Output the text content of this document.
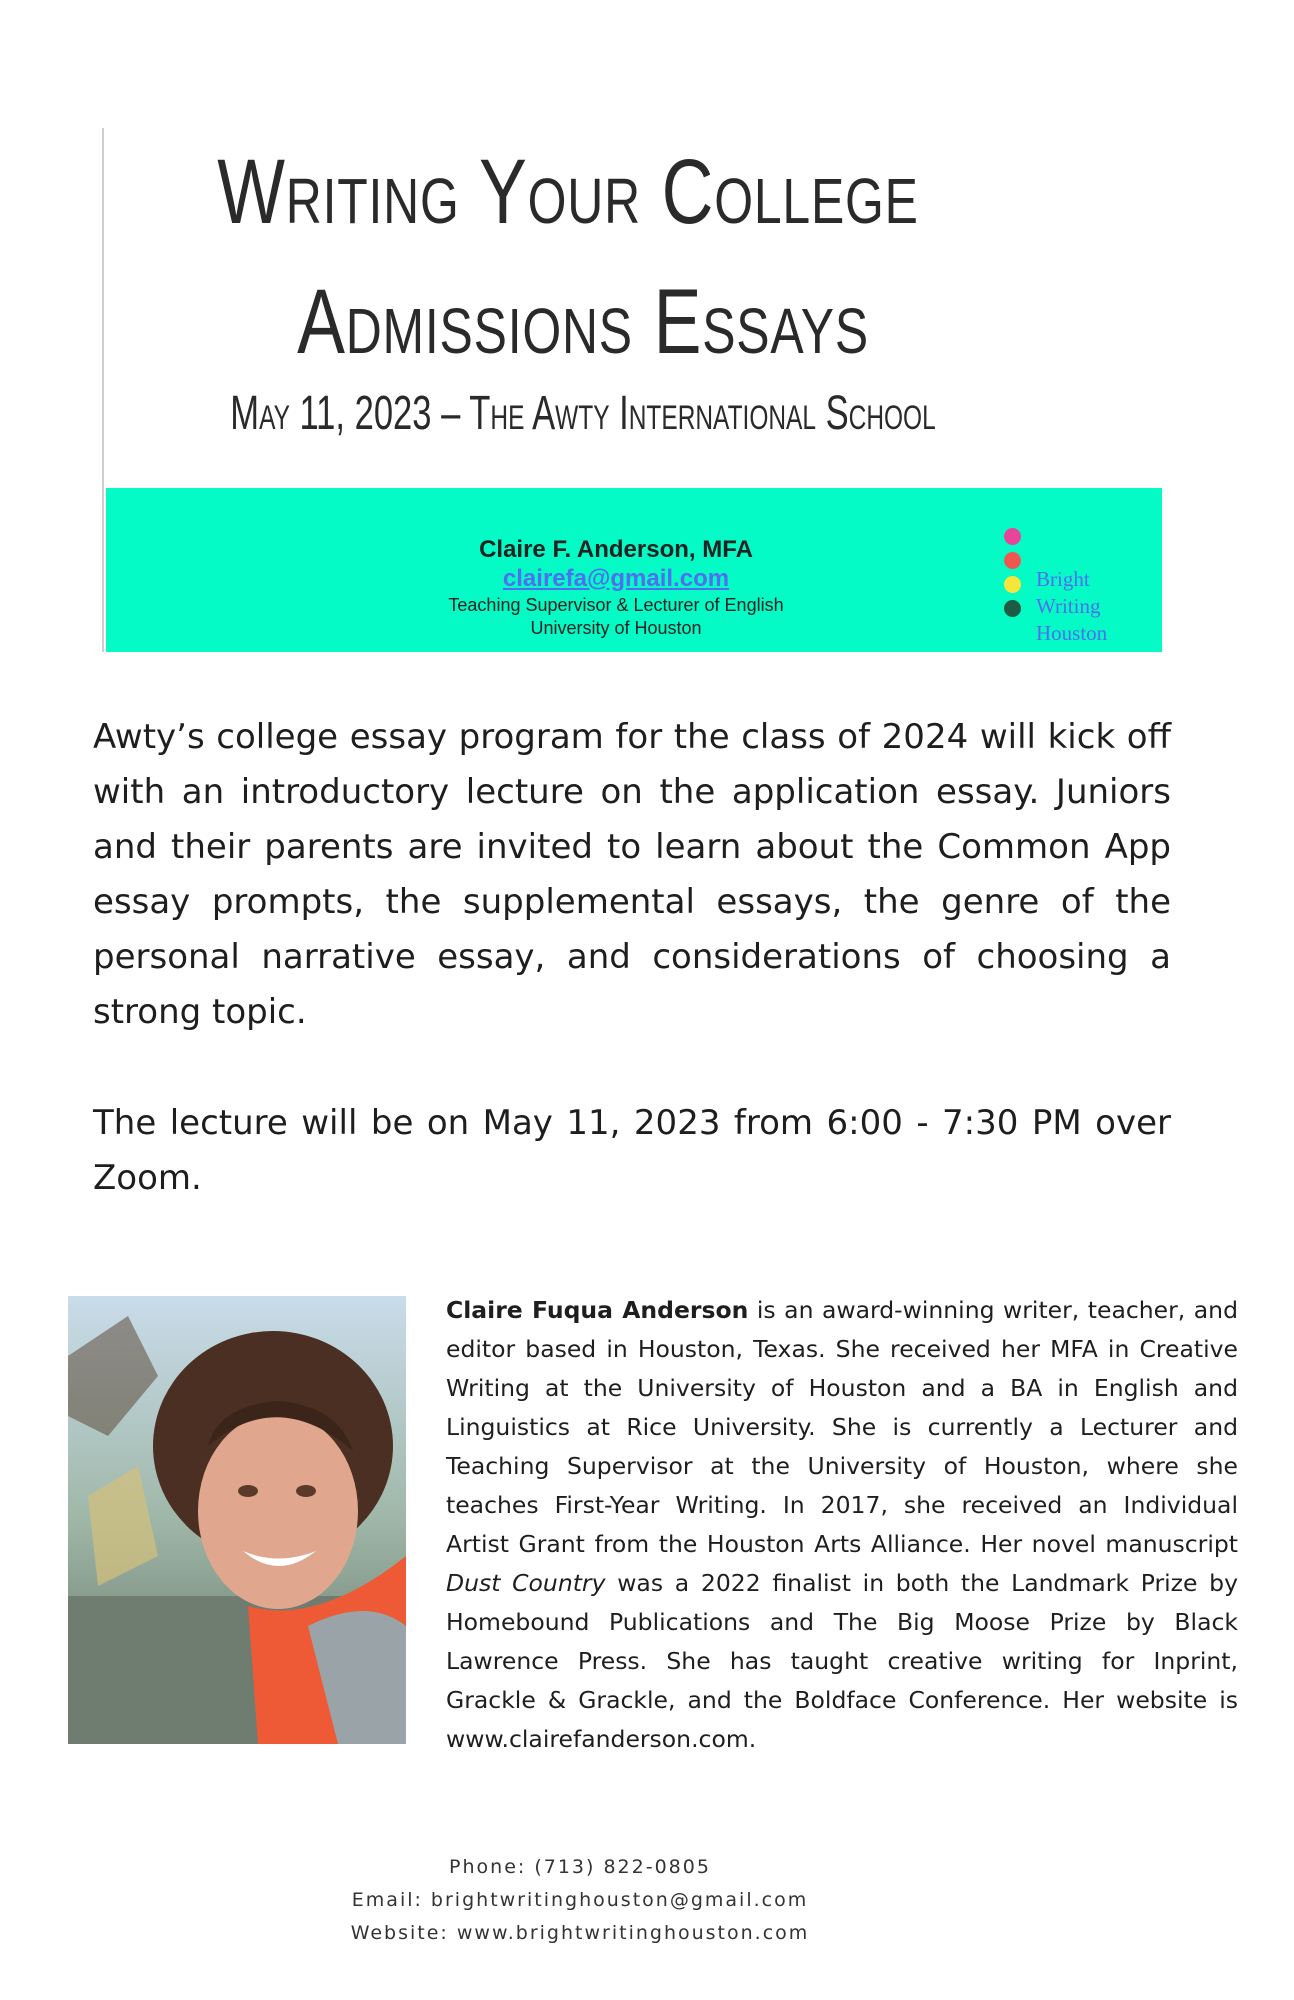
Writing Your College
Admissions Essays
May 11, 2023 – The Awty International School
Claire F. Anderson, MFA
clairefa@gmail.com
Teaching Supervisor & Lecturer of English
University of Houston
Bright
Writing
Houston
Awty’s college essay program for the class of 2024 will kick off with an introductory lecture on the application essay. Juniors and their parents are invited to learn about the Common App essay prompts, the supplemental essays, the genre of the personal narrative essay, and considerations of choosing a strong topic.
The lecture will be on May 11, 2023 from 6:00 - 7:30 PM over Zoom.
Claire Fuqua Anderson is an award-winning writer, teacher, and editor based in Houston, Texas. She received her MFA in Creative Writing at the University of Houston and a BA in English and Linguistics at Rice University. She is currently a Lecturer and Teaching Supervisor at the University of Houston, where she teaches First-Year Writing. In 2017, she received an Individual Artist Grant from the Houston Arts Alliance. Her novel manuscript Dust Country was a 2022 finalist in both the Landmark Prize by Homebound Publications and The Big Moose Prize by Black Lawrence Press. She has taught creative writing for Inprint, Grackle & Grackle, and the Boldface Conference. Her website is www.clairefanderson.com.
Phone: (713) 822-0805
Email: brightwritinghouston@gmail.com
Website: www.brightwritinghouston.com
